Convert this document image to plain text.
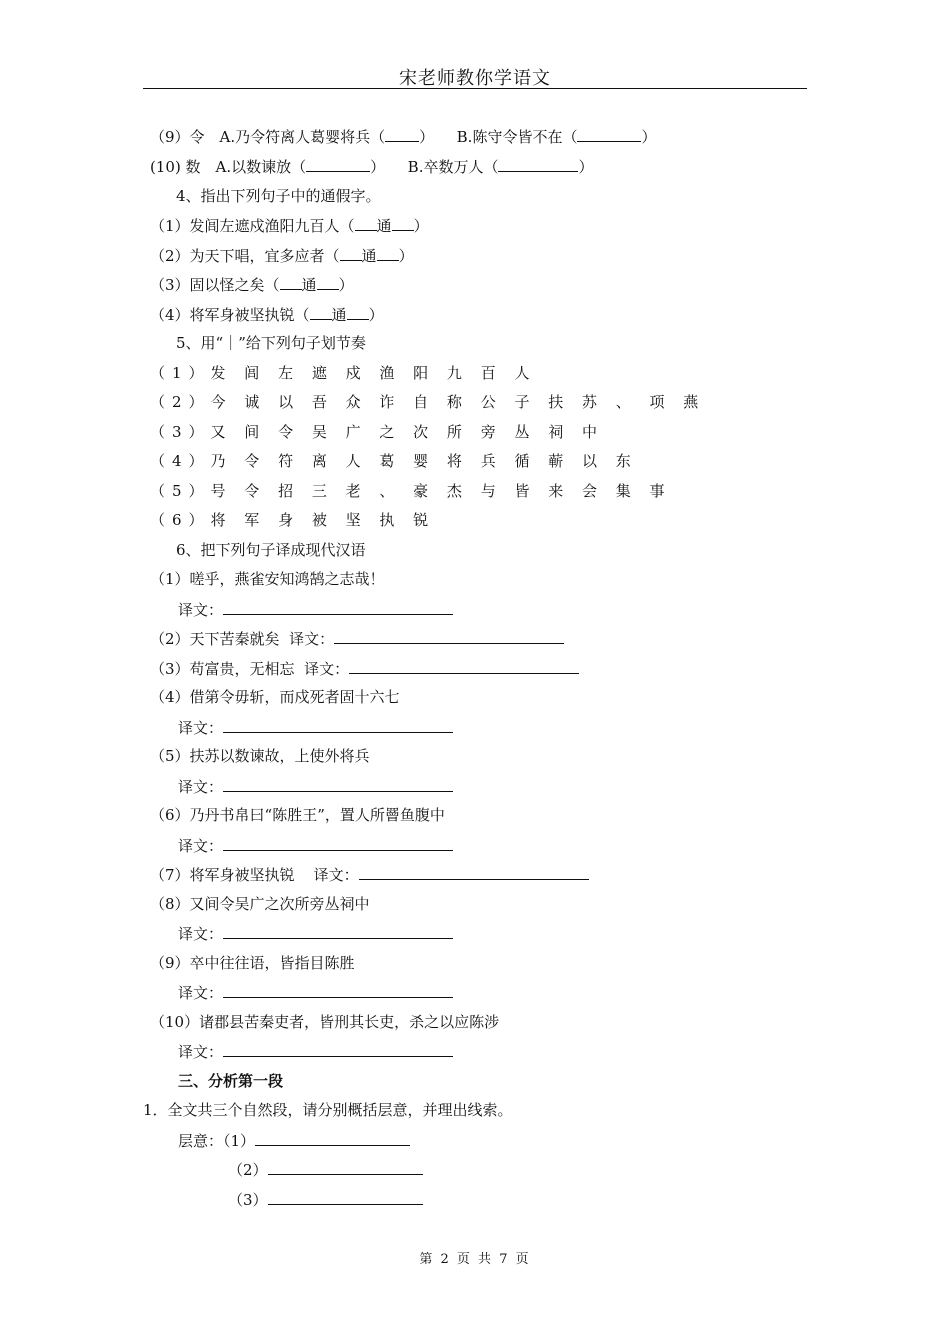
宋老师教你学语文
（9）令　A.乃令符离人葛婴将兵（ ）　　B.陈守令皆不在（	）
(10) 数　A.以数谏放（	）　　B.卒数万人（	）
4、指出下列句子中的通假字。
（1）发闾左遮戍渔阳九百人（ 通 ）
（2）为天下唱，宜多应者（ 通 ）
（3）固以怪之矣（ 通 ）
（4）将军身被坚执锐（ 通 ）
5、用“｜”给下列句子划节奏
（1）发 闾 左 遮 戍 渔 阳 九 百 人
（2）今 诚 以 吾 众 诈 自 称 公 子 扶 苏 、 项 燕
（3）又 间 令 吴 广 之 次 所 旁 丛 祠 中
（4）乃 令 符 离 人 葛 婴 将 兵 循 蕲 以 东
（5）号 令 招 三 老 、 豪 杰 与 皆 来 会 集 事
（6）将 军 身 被 坚 执 锐
6、把下列句子译成现代汉语
（1）嗟乎，燕雀安知鸿鹄之志哉！
译文：
（2）天下苦秦就矣 译文：
（3）苟富贵，无相忘 译文：
（4）借第令毋斩，而戍死者固十六七
译文：
（5）扶苏以数谏故，上使外将兵
译文：
（6）乃丹书帛曰“陈胜王”，置人所罾鱼腹中
译文：
（7）将军身被坚执锐 译文：
（8）又间令吴广之次所旁丛祠中
译文：
（9）卒中往往语，皆指目陈胜
译文：
（10）诸郡县苦秦吏者，皆刑其长吏，杀之以应陈涉
译文：
三、分析第一段
1．全文共三个自然段，请分别概括层意，并理出线索。
层意：（1）
（2）
（3）
第 2 页 共 7 页
